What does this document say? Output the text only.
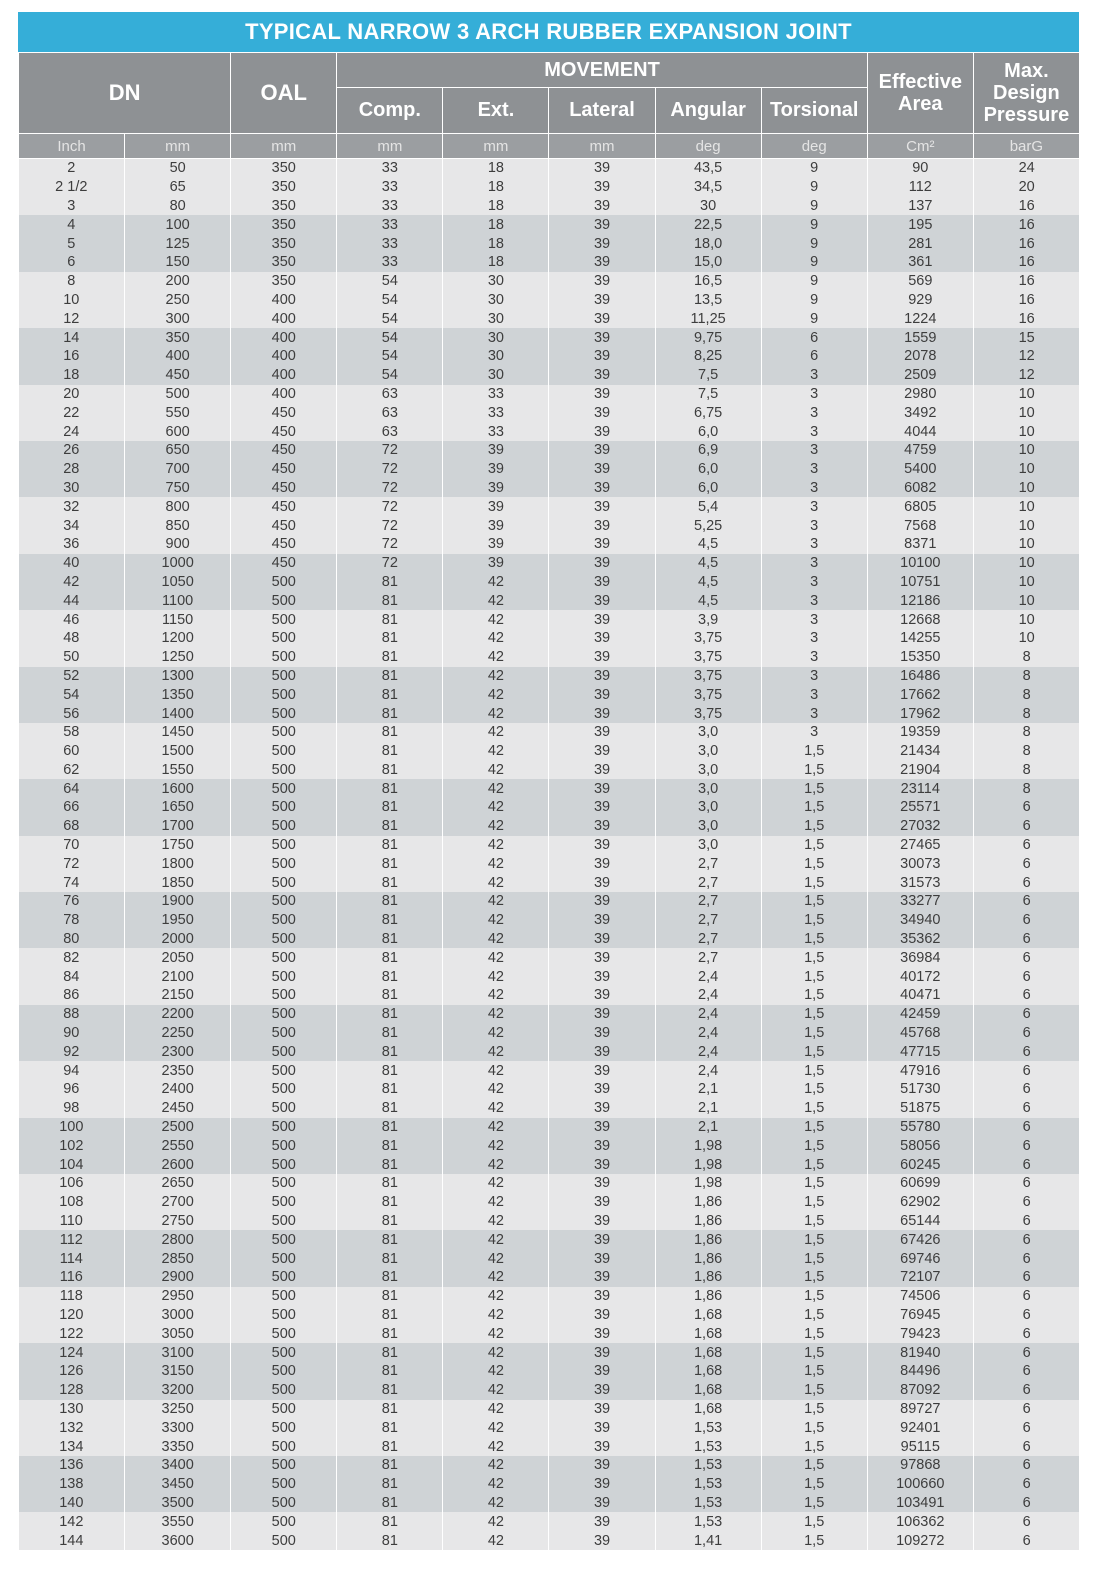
TYPICAL NARROW 3 ARCH RUBBER EXPANSION JOINT
DN		OAL	MOVEMENT					Effective Area	Max. Design Pressure
			Comp.	Ext.	Lateral	Angular	Torsional		
Inch	mm	mm	mm	mm	mm	deg	deg	Cm²	barG
2	50	350	33	18	39	43,5	9	90	24
2 1/2	65	350	33	18	39	34,5	9	112	20
3	80	350	33	18	39	30	9	137	16
4	100	350	33	18	39	22,5	9	195	16
5	125	350	33	18	39	18,0	9	281	16
6	150	350	33	18	39	15,0	9	361	16
8	200	350	54	30	39	16,5	9	569	16
10	250	400	54	30	39	13,5	9	929	16
12	300	400	54	30	39	11,25	9	1224	16
14	350	400	54	30	39	9,75	6	1559	15
16	400	400	54	30	39	8,25	6	2078	12
18	450	400	54	30	39	7,5	3	2509	12
20	500	400	63	33	39	7,5	3	2980	10
22	550	450	63	33	39	6,75	3	3492	10
24	600	450	63	33	39	6,0	3	4044	10
26	650	450	72	39	39	6,9	3	4759	10
28	700	450	72	39	39	6,0	3	5400	10
30	750	450	72	39	39	6,0	3	6082	10
32	800	450	72	39	39	5,4	3	6805	10
34	850	450	72	39	39	5,25	3	7568	10
36	900	450	72	39	39	4,5	3	8371	10
40	1000	450	72	39	39	4,5	3	10100	10
42	1050	500	81	42	39	4,5	3	10751	10
44	1100	500	81	42	39	4,5	3	12186	10
46	1150	500	81	42	39	3,9	3	12668	10
48	1200	500	81	42	39	3,75	3	14255	10
50	1250	500	81	42	39	3,75	3	15350	8
52	1300	500	81	42	39	3,75	3	16486	8
54	1350	500	81	42	39	3,75	3	17662	8
56	1400	500	81	42	39	3,75	3	17962	8
58	1450	500	81	42	39	3,0	3	19359	8
60	1500	500	81	42	39	3,0	1,5	21434	8
62	1550	500	81	42	39	3,0	1,5	21904	8
64	1600	500	81	42	39	3,0	1,5	23114	8
66	1650	500	81	42	39	3,0	1,5	25571	6
68	1700	500	81	42	39	3,0	1,5	27032	6
70	1750	500	81	42	39	3,0	1,5	27465	6
72	1800	500	81	42	39	2,7	1,5	30073	6
74	1850	500	81	42	39	2,7	1,5	31573	6
76	1900	500	81	42	39	2,7	1,5	33277	6
78	1950	500	81	42	39	2,7	1,5	34940	6
80	2000	500	81	42	39	2,7	1,5	35362	6
82	2050	500	81	42	39	2,7	1,5	36984	6
84	2100	500	81	42	39	2,4	1,5	40172	6
86	2150	500	81	42	39	2,4	1,5	40471	6
88	2200	500	81	42	39	2,4	1,5	42459	6
90	2250	500	81	42	39	2,4	1,5	45768	6
92	2300	500	81	42	39	2,4	1,5	47715	6
94	2350	500	81	42	39	2,4	1,5	47916	6
96	2400	500	81	42	39	2,1	1,5	51730	6
98	2450	500	81	42	39	2,1	1,5	51875	6
100	2500	500	81	42	39	2,1	1,5	55780	6
102	2550	500	81	42	39	1,98	1,5	58056	6
104	2600	500	81	42	39	1,98	1,5	60245	6
106	2650	500	81	42	39	1,98	1,5	60699	6
108	2700	500	81	42	39	1,86	1,5	62902	6
110	2750	500	81	42	39	1,86	1,5	65144	6
112	2800	500	81	42	39	1,86	1,5	67426	6
114	2850	500	81	42	39	1,86	1,5	69746	6
116	2900	500	81	42	39	1,86	1,5	72107	6
118	2950	500	81	42	39	1,86	1,5	74506	6
120	3000	500	81	42	39	1,68	1,5	76945	6
122	3050	500	81	42	39	1,68	1,5	79423	6
124	3100	500	81	42	39	1,68	1,5	81940	6
126	3150	500	81	42	39	1,68	1,5	84496	6
128	3200	500	81	42	39	1,68	1,5	87092	6
130	3250	500	81	42	39	1,68	1,5	89727	6
132	3300	500	81	42	39	1,53	1,5	92401	6
134	3350	500	81	42	39	1,53	1,5	95115	6
136	3400	500	81	42	39	1,53	1,5	97868	6
138	3450	500	81	42	39	1,53	1,5	100660	6
140	3500	500	81	42	39	1,53	1,5	103491	6
142	3550	500	81	42	39	1,53	1,5	106362	6
144	3600	500	81	42	39	1,41	1,5	109272	6
